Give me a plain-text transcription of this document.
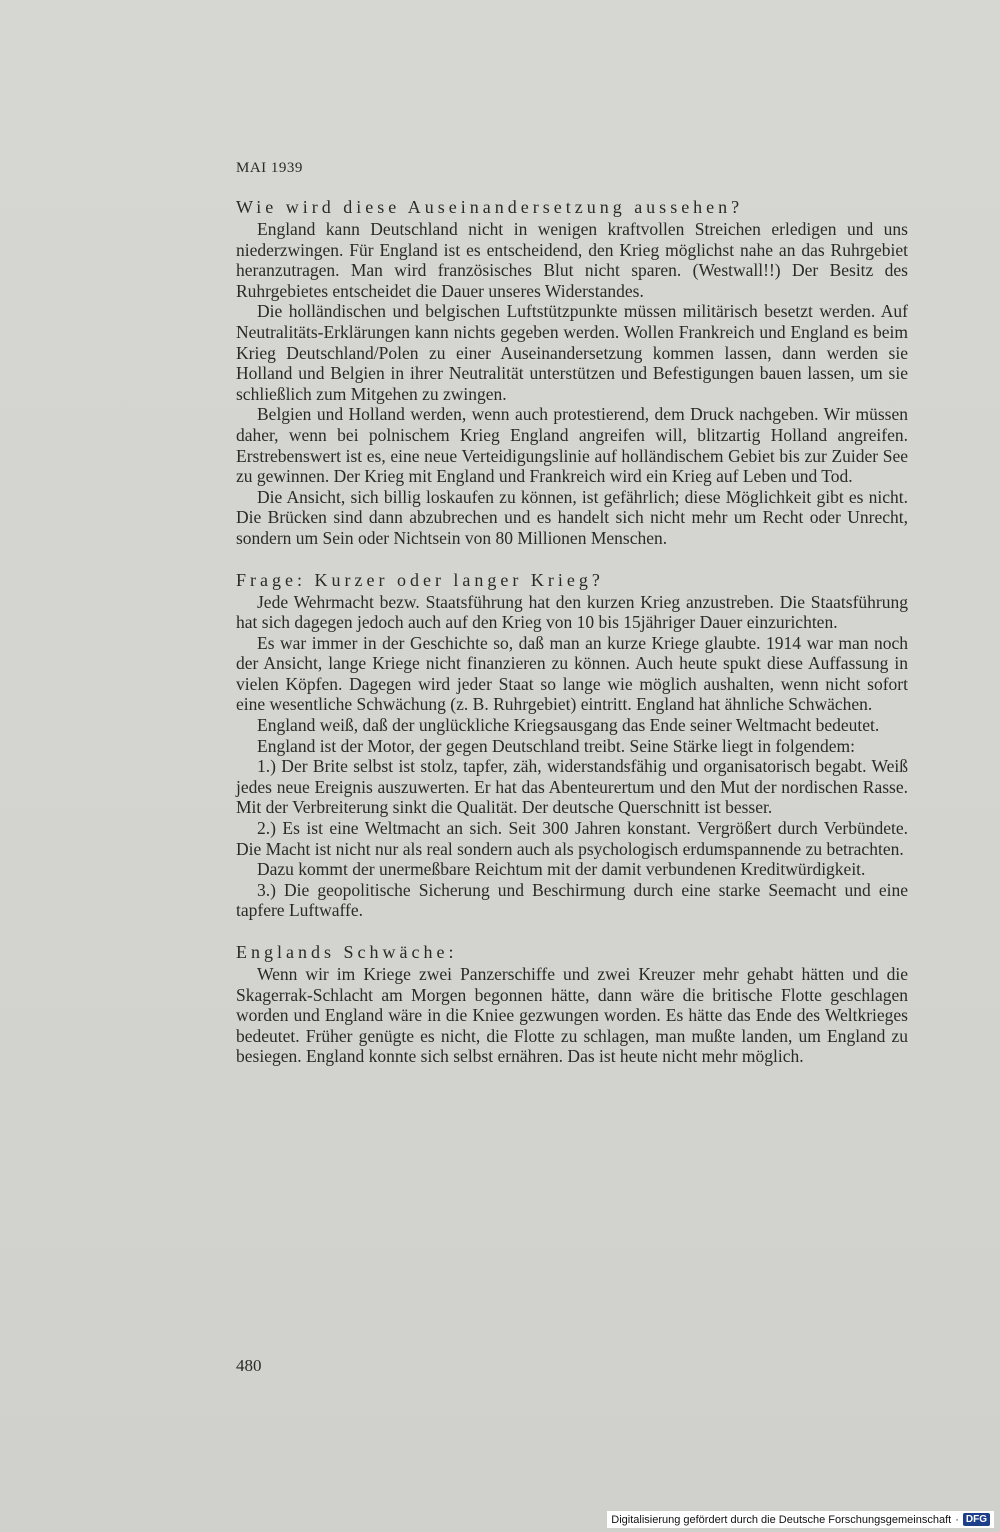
MAI 1939
Wie wird diese Auseinandersetzung aussehen?

England kann Deutschland nicht in wenigen kraftvollen Streichen erledigen und uns niederzwingen. Für England ist es entscheidend, den Krieg möglichst nahe an das Ruhrgebiet heranzutragen. Man wird französisches Blut nicht sparen. (Westwall!!) Der Besitz des Ruhrgebietes entscheidet die Dauer unseres Widerstandes.

Die holländischen und belgischen Luftstützpunkte müssen militärisch besetzt werden. Auf Neutralitäts-Erklärungen kann nichts gegeben werden. Wollen Frankreich und England es beim Krieg Deutschland/Polen zu einer Auseinandersetzung kommen lassen, dann werden sie Holland und Belgien in ihrer Neutralität unterstützen und Befestigungen bauen lassen, um sie schließlich zum Mitgehen zu zwingen.

Belgien und Holland werden, wenn auch protestierend, dem Druck nachgeben. Wir müssen daher, wenn bei polnischem Krieg England angreifen will, blitzartig Holland angreifen. Erstrebenswert ist es, eine neue Verteidigungslinie auf holländischem Gebiet bis zur Zuider See zu gewinnen. Der Krieg mit England und Frankreich wird ein Krieg auf Leben und Tod.

Die Ansicht, sich billig loskaufen zu können, ist gefährlich; diese Möglichkeit gibt es nicht. Die Brücken sind dann abzubrechen und es handelt sich nicht mehr um Recht oder Unrecht, sondern um Sein oder Nichtsein von 80 Millionen Menschen.

Frage: Kurzer oder langer Krieg?

Jede Wehrmacht bezw. Staatsführung hat den kurzen Krieg anzustreben. Die Staatsführung hat sich dagegen jedoch auch auf den Krieg von 10 bis 15jähriger Dauer einzurichten.

Es war immer in der Geschichte so, daß man an kurze Kriege glaubte. 1914 war man noch der Ansicht, lange Kriege nicht finanzieren zu können. Auch heute spukt diese Auffassung in vielen Köpfen. Dagegen wird jeder Staat so lange wie möglich aushalten, wenn nicht sofort eine wesentliche Schwächung (z. B. Ruhrgebiet) eintritt. England hat ähnliche Schwächen.

England weiß, daß der unglückliche Kriegsausgang das Ende seiner Weltmacht bedeutet.

England ist der Motor, der gegen Deutschland treibt. Seine Stärke liegt in folgendem:

1.) Der Brite selbst ist stolz, tapfer, zäh, widerstandsfähig und organisatorisch begabt. Weiß jedes neue Ereignis auszuwerten. Er hat das Abenteurertum und den Mut der nordischen Rasse. Mit der Verbreiterung sinkt die Qualität. Der deutsche Querschnitt ist besser.

2.) Es ist eine Weltmacht an sich. Seit 300 Jahren konstant. Vergrößert durch Verbündete. Die Macht ist nicht nur als real sondern auch als psychologisch erdumspannende zu betrachten.

Dazu kommt der unermeßbare Reichtum mit der damit verbundenen Kreditwürdigkeit.

3.) Die geopolitische Sicherung und Beschirmung durch eine starke Seemacht und eine tapfere Luftwaffe.

Englands Schwäche:

Wenn wir im Kriege zwei Panzerschiffe und zwei Kreuzer mehr gehabt hätten und die Skagerrak-Schlacht am Morgen begonnen hätte, dann wäre die britische Flotte geschlagen worden und England wäre in die Kniee gezwungen worden. Es hätte das Ende des Weltkrieges bedeutet. Früher genügte es nicht, die Flotte zu schlagen, man mußte landen, um England zu besiegen. England konnte sich selbst ernähren. Das ist heute nicht mehr möglich.

480
Digitalisierung gefördert durch die Deutsche Forschungsgemeinschaft · DFG
